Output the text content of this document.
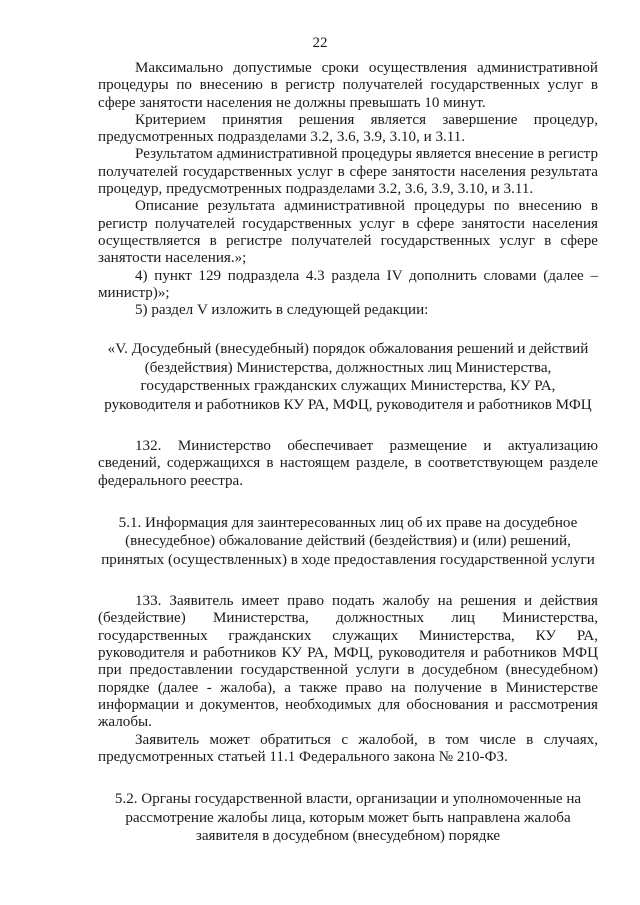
22

Максимально допустимые сроки осуществления административной процедуры по внесению в регистр получателей государственных услуг в сфере занятости населения не должны превышать 10 минут.

Критерием принятия решения является завершение процедур, предусмотренных подразделами 3.2, 3.6, 3.9, 3.10, и 3.11.

Результатом административной процедуры является внесение в регистр получателей государственных услуг в сфере занятости населения результата процедур, предусмотренных подразделами 3.2, 3.6, 3.9, 3.10, и 3.11.

Описание результата административной процедуры по внесению в регистр получателей государственных услуг в сфере занятости населения осуществляется в регистре получателей государственных услуг в сфере занятости населения.»;

4) пункт 129 подраздела 4.3 раздела IV дополнить словами (далее – министр)»;

5) раздел V изложить в следующей редакции:

«V. Досудебный (внесудебный) порядок обжалования решений и действий (бездействия) Министерства, должностных лиц Министерства, государственных гражданских служащих Министерства, КУ РА, руководителя и работников КУ РА, МФЦ, руководителя и работников МФЦ

132. Министерство обеспечивает размещение и актуализацию сведений, содержащихся в настоящем разделе, в соответствующем разделе федерального реестра.

5.1. Информация для заинтересованных лиц об их праве на досудебное (внесудебное) обжалование действий (бездействия) и (или) решений, принятых (осуществленных) в ходе предоставления государственной услуги

133. Заявитель имеет право подать жалобу на решения и действия (бездействие) Министерства, должностных лиц Министерства, государственных гражданских служащих Министерства, КУ РА, руководителя и работников КУ РА, МФЦ, руководителя и работников МФЦ при предоставлении государственной услуги в досудебном (внесудебном) порядке (далее - жалоба), а также право на получение в Министерстве информации и документов, необходимых для обоснования и рассмотрения жалобы.

Заявитель может обратиться с жалобой, в том числе в случаях, предусмотренных статьей 11.1 Федерального закона № 210-ФЗ.

5.2. Органы государственной власти, организации и уполномоченные на рассмотрение жалобы лица, которым может быть направлена жалоба заявителя в досудебном (внесудебном) порядке
